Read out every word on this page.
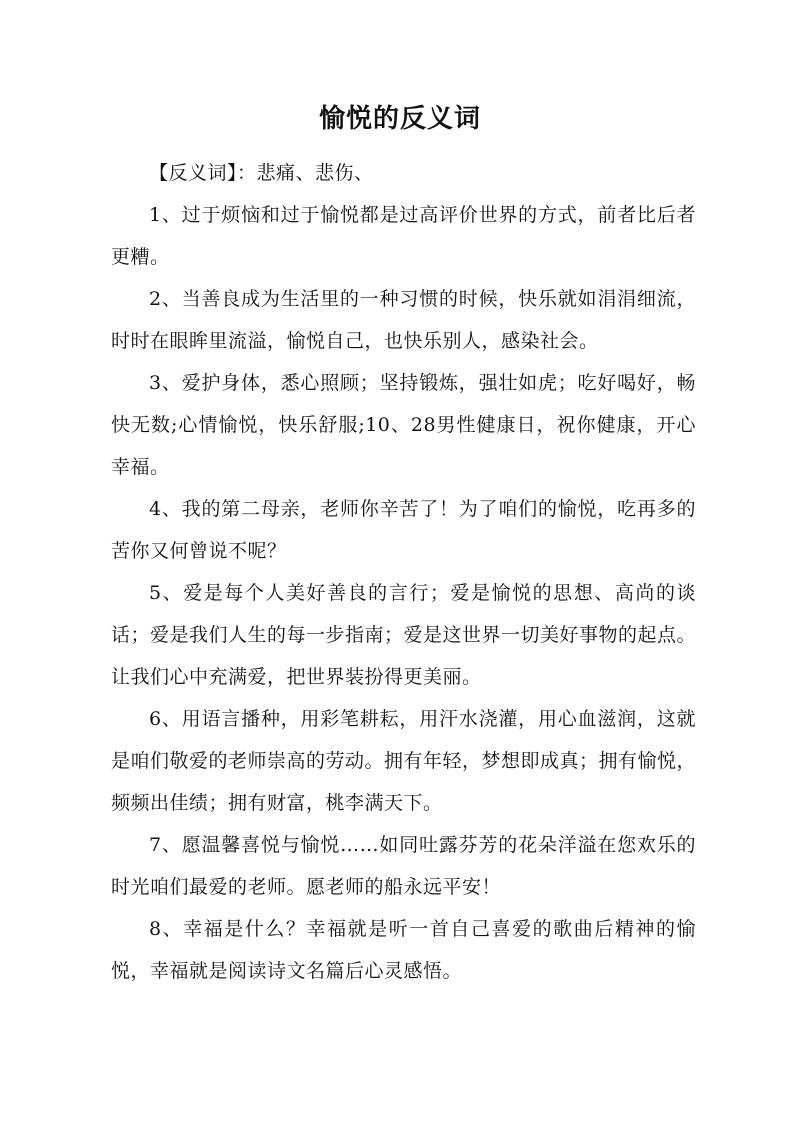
愉悦的反义词

【反义词】：悲痛、悲伤、

1、过于烦恼和过于愉悦都是过高评价世界的方式，前者比后者更糟。

2、当善良成为生活里的一种习惯的时候，快乐就如涓涓细流，时时在眼眸里流溢，愉悦自己，也快乐别人，感染社会。

3、爱护身体，悉心照顾；坚持锻炼，强壮如虎；吃好喝好，畅快无数;心情愉悦，快乐舒服;10、28男性健康日，祝你健康，开心幸福。

4、我的第二母亲，老师你辛苦了！为了咱们的愉悦，吃再多的苦你又何曾说不呢？

5、爱是每个人美好善良的言行；爱是愉悦的思想、高尚的谈话；爱是我们人生的每一步指南；爱是这世界一切美好事物的起点。让我们心中充满爱，把世界装扮得更美丽。

6、用语言播种，用彩笔耕耘，用汗水浇灌，用心血滋润，这就是咱们敬爱的老师崇高的劳动。拥有年轻，梦想即成真；拥有愉悦，频频出佳绩；拥有财富，桃李满天下。

7、愿温馨喜悦与愉悦……如同吐露芬芳的花朵洋溢在您欢乐的时光咱们最爱的老师。愿老师的船永远平安！

8、幸福是什么？幸福就是听一首自己喜爱的歌曲后精神的愉悦，幸福就是阅读诗文名篇后心灵感悟。
